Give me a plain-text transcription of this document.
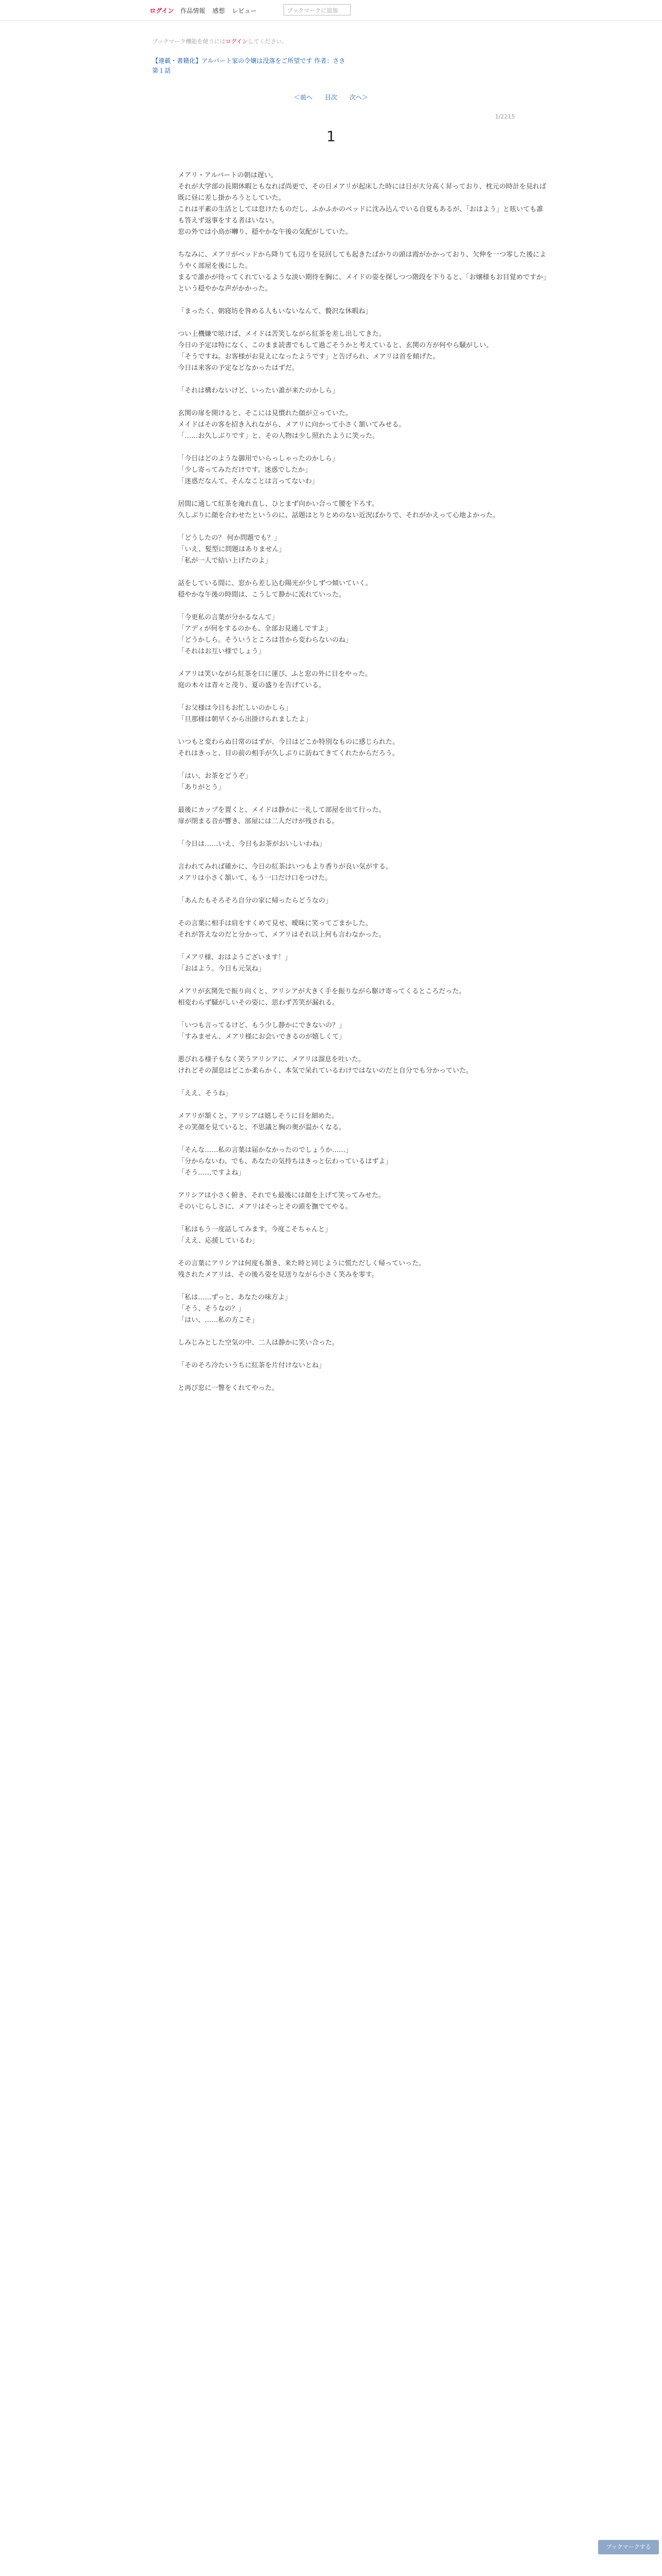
ログイン 作品情報 感想 レビュー	ブックマークに追加
ブックマーク機能を使うにはログインしてください。
【連載・書籍化】アルバート家の令嬢は没落をご所望です 作者：さき
第１話
＜前へ 目次 次へ＞
1/2215
1

メアリ・アルバートの朝は遅い。

それが大学部の長期休暇ともなれば尚更で、その日メアリが起床した時には日が大分高く昇っており、枕元の時計を見れば既に昼に差し掛かろうとしていた。

これは平素の生活としては怠けたものだし、ふかふかのベッドに沈み込んでいる自覚もあるが、「おはよう」と呟いても誰も答えず返事をする者はいない。

窓の外では小鳥が囀り、穏やかな午後の気配がしていた。

ちなみに、メアリがベッドから降りても辺りを見回しても起きたばかりの頭は霞がかかっており、欠伸を一つ零した後にようやく部屋を後にした。

まるで誰かが待ってくれているような淡い期待を胸に、メイドの姿を探しつつ階段を下りると、「お嬢様もお目覚めですか」という穏やかな声がかかった。

「まったく、朝寝坊を咎める人もいないなんて、贅沢な休暇ね」

つい上機嫌で呟けば、メイドは苦笑しながら紅茶を差し出してきた。

今日の予定は特になく、このまま読書でもして過ごそうかと考えていると、玄関の方が何やら騒がしい。

「そうですね。お客様がお見えになったようです」と告げられ、メアリは首を傾げた。

今日は来客の予定などなかったはずだ。

「それは構わないけど、いったい誰が来たのかしら」

玄関の扉を開けると、そこには見慣れた顔が立っていた。

メイドはその客を招き入れながら、メアリに向かって小さく頷いてみせる。

「……お久しぶりです」と、その人物は少し照れたように笑った。

「今日はどのような御用でいらっしゃったのかしら」

「少し寄ってみただけです。迷惑でしたか」

「迷惑だなんて、そんなことは言ってないわ」

居間に通して紅茶を淹れ直し、ひとまず向かい合って腰を下ろす。

久しぶりに顔を合わせたというのに、話題はとりとめのない近況ばかりで、それがかえって心地よかった。

「どうしたの？ 何か問題でも？」

「いえ、髪型に問題はありません」

「私が一人で結い上げたのよ」

話をしている間に、窓から差し込む陽光が少しずつ傾いていく。

穏やかな午後の時間は、こうして静かに流れていった。

「今更私の言葉が分かるなんて」

「アディが何をするのかも、全部お見通しですよ」

「どうかしら。そういうところは昔から変わらないのね」

「それはお互い様でしょう」

メアリは笑いながら紅茶を口に運び、ふと窓の外に目をやった。

庭の木々は青々と茂り、夏の盛りを告げている。

「お父様は今日もお忙しいのかしら」

「旦那様は朝早くから出掛けられましたよ」

いつもと変わらぬ日常のはずが、今日はどこか特別なものに感じられた。

それはきっと、目の前の相手が久しぶりに訪ねてきてくれたからだろう。

「はい、お茶をどうぞ」

「ありがとう」

最後にカップを置くと、メイドは静かに一礼して部屋を出て行った。

扉が閉まる音が響き、部屋には二人だけが残される。

「今日は……いえ、今日もお茶がおいしいわね」

言われてみれば確かに、今日の紅茶はいつもより香りが良い気がする。

メアリは小さく頷いて、もう一口だけ口をつけた。

「あんたもそろそろ自分の家に帰ったらどうなの」

その言葉に相手は肩をすくめて見せ、曖昧に笑ってごまかした。

それが答えなのだと分かって、メアリはそれ以上何も言わなかった。

「メアリ様、おはようございます！」

「おはよう。今日も元気ね」

メアリが玄関先で振り向くと、アリシアが大きく手を振りながら駆け寄ってくるところだった。

相変わらず騒がしいその姿に、思わず苦笑が漏れる。

「いつも言ってるけど、もう少し静かにできないの？」

「すみません、メアリ様にお会いできるのが嬉しくて」

悪びれる様子もなく笑うアリシアに、メアリは溜息を吐いた。

けれどその溜息はどこか柔らかく、本気で呆れているわけではないのだと自分でも分かっていた。

「ええ、そうね」

メアリが頷くと、アリシアは嬉しそうに目を細めた。

その笑顔を見ていると、不思議と胸の奥が温かくなる。

「そんな……私の言葉は届かなかったのでしょうか……」

「分からないわ。でも、あなたの気持ちはきっと伝わっているはずよ」

「そう……ですよね」

アリシアは小さく俯き、それでも最後には顔を上げて笑ってみせた。

そのいじらしさに、メアリはそっとその頭を撫でてやる。

「私はもう一度話してみます。今度こそちゃんと」

「ええ、応援しているわ」

その言葉にアリシアは何度も頷き、来た時と同じように慌ただしく帰っていった。

残されたメアリは、その後ろ姿を見送りながら小さく笑みを零す。

「私は……ずっと、あなたの味方よ」

「そう、そうなの？」

「はい、……私の方こそ」

しみじみとした空気の中、二人は静かに笑い合った。

「そのそろ冷たいうちに紅茶を片付けないとね」

と再び窓に一瞥をくれてやった。

ブックマークする
